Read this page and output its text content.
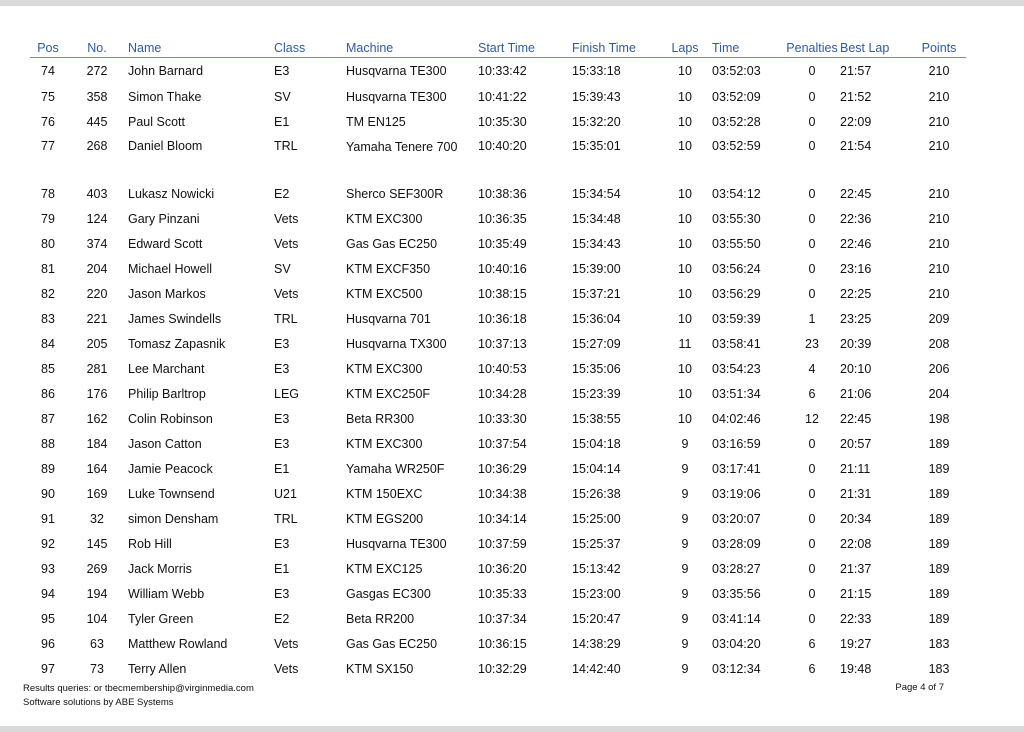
Pos	No.	Name	Class	Machine	Start Time	Finish Time	Laps	Time	Penalties	Best Lap	Points
74	272	John Barnard	E3	Husqvarna TE300	10:33:42	15:33:18	10	03:52:03	0	21:57	210
75	358	Simon Thake	SV	Husqvarna TE300	10:41:22	15:39:43	10	03:52:09	0	21:52	210
76	445	Paul Scott	E1	TM EN125	10:35:30	15:32:20	10	03:52:28	0	22:09	210
77	268	Daniel Bloom	TRL	Yamaha Tenere 700	10:40:20	15:35:01	10	03:52:59	0	21:54	210
78	403	Lukasz Nowicki	E2	Sherco SEF300R	10:38:36	15:34:54	10	03:54:12	0	22:45	210
79	124	Gary Pinzani	Vets	KTM EXC300	10:36:35	15:34:48	10	03:55:30	0	22:36	210
80	374	Edward Scott	Vets	Gas Gas EC250	10:35:49	15:34:43	10	03:55:50	0	22:46	210
81	204	Michael Howell	SV	KTM EXCF350	10:40:16	15:39:00	10	03:56:24	0	23:16	210
82	220	Jason Markos	Vets	KTM EXC500	10:38:15	15:37:21	10	03:56:29	0	22:25	210
83	221	James Swindells	TRL	Husqvarna 701	10:36:18	15:36:04	10	03:59:39	1	23:25	209
84	205	Tomasz Zapasnik	E3	Husqvarna TX300	10:37:13	15:27:09	11	03:58:41	23	20:39	208
85	281	Lee Marchant	E3	KTM EXC300	10:40:53	15:35:06	10	03:54:23	4	20:10	206
86	176	Philip Barltrop	LEG	KTM EXC250F	10:34:28	15:23:39	10	03:51:34	6	21:06	204
87	162	Colin Robinson	E3	Beta RR300	10:33:30	15:38:55	10	04:02:46	12	22:45	198
88	184	Jason Catton	E3	KTM EXC300	10:37:54	15:04:18	9	03:16:59	0	20:57	189
89	164	Jamie Peacock	E1	Yamaha WR250F	10:36:29	15:04:14	9	03:17:41	0	21:11	189
90	169	Luke Townsend	U21	KTM 150EXC	10:34:38	15:26:38	9	03:19:06	0	21:31	189
91	32	simon Densham	TRL	KTM EGS200	10:34:14	15:25:00	9	03:20:07	0	20:34	189
92	145	Rob Hill	E3	Husqvarna TE300	10:37:59	15:25:37	9	03:28:09	0	22:08	189
93	269	Jack Morris	E1	KTM EXC125	10:36:20	15:13:42	9	03:28:27	0	21:37	189
94	194	William Webb	E3	Gasgas EC300	10:35:33	15:23:00	9	03:35:56	0	21:15	189
95	104	Tyler Green	E2	Beta RR200	10:37:34	15:20:47	9	03:41:14	0	22:33	189
96	63	Matthew Rowland	Vets	Gas Gas EC250	10:36:15	14:38:29	9	03:04:20	6	19:27	183
97	73	Terry Allen	Vets	KTM SX150	10:32:29	14:42:40	9	03:12:34	6	19:48	183
Results queries: or tbecmembership@virginmedia.com
Software solutions by ABE Systems
Page 4 of 7
